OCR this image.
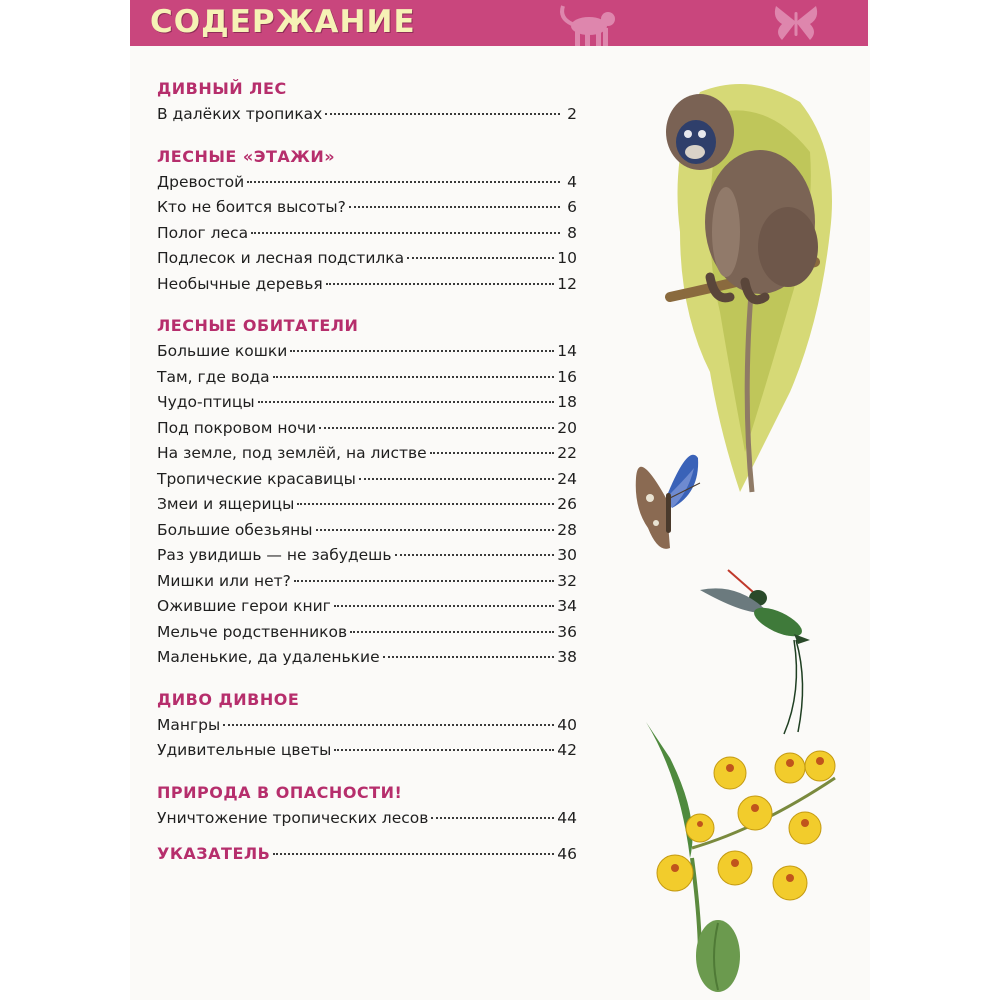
СОДЕРЖАНИЕ
ДИВНЫЙ ЛЕС
В далёких тропиках	2
ЛЕСНЫЕ «ЭТАЖИ»
Древостой	4
Кто не боится высоты?	6
Полог леса	8
Подлесок и лесная подстилка	10
Необычные деревья	12
ЛЕСНЫЕ ОБИТАТЕЛИ
Большие кошки	14
Там, где вода	16
Чудо-птицы	18
Под покровом ночи	20
На земле, под землёй, на листве	22
Тропические красавицы	24
Змеи и ящерицы	26
Большие обезьяны	28
Раз увидишь — не забудешь	30
Мишки или нет?	32
Ожившие герои книг	34
Мельче родственников	36
Маленькие, да удаленькие	38
ДИВО ДИВНОЕ
Мангры	40
Удивительные цветы	42
ПРИРОДА В ОПАСНОСТИ!
Уничтожение тропических лесов	44
УКАЗАТЕЛЬ	46
